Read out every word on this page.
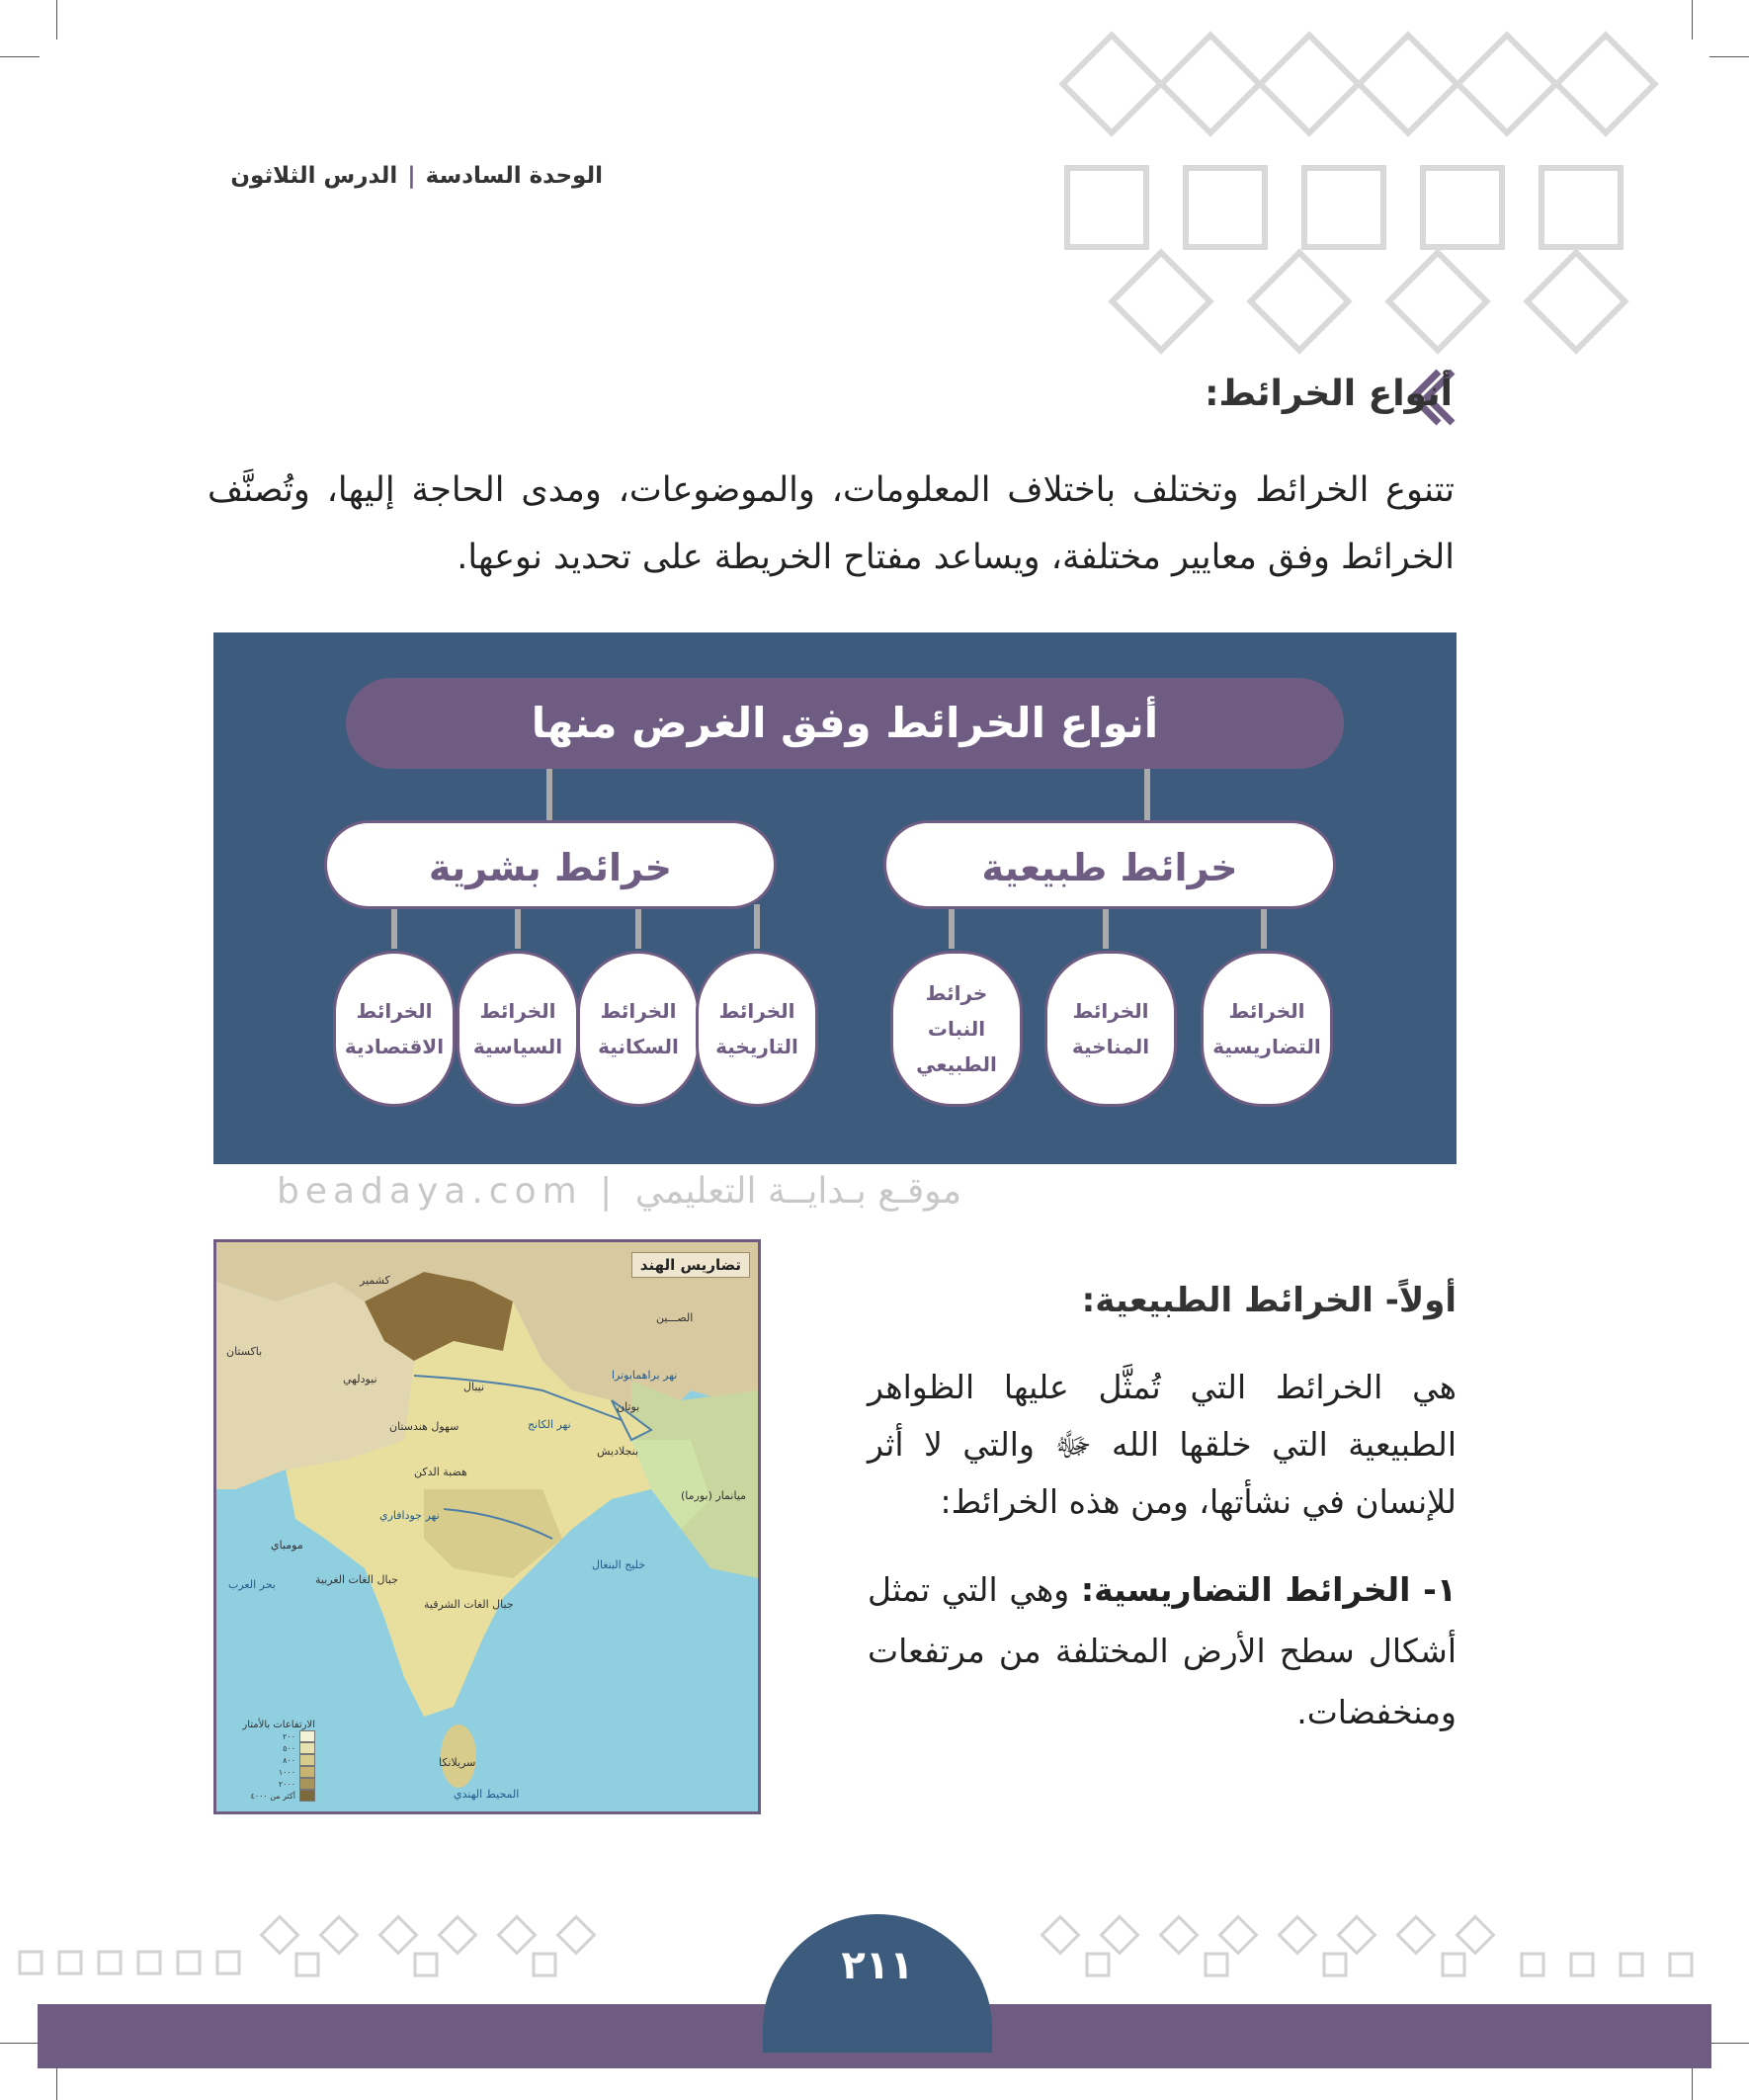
الوحدة السادسة|الدرس الثلاثون
أنواع الخرائط:
تتنوع الخرائط وتختلف باختلاف المعلومات، والموضوعات، ومدى الحاجة إليها، وتُصنَّف الخرائط وفق معايير مختلفة، ويساعد مفتاح الخريطة على تحديد نوعها.
أنواع الخرائط وفق الغرض منها
خرائط بشرية	خرائط طبيعية
الخرائط الاقتصادية
الخرائط السياسية
الخرائط السكانية
الخرائط التاريخية
خرائط النبات الطبيعي
الخرائط المناخية
الخرائط التضاريسية
beadaya.com | موقـع بـدايــة التعليمي
تضاريس الهند
كشمير
الصـــين
باكستان
نيودلهي
نيبال
نهر براهمابوترا
بوتان
سهول هندستان	نهر الكانج
بنجلاديش
هضبة الدكن
ميانمار (بورما)
نهر جودافاري
مومباي
جبال الغات الغربية
جبال الغات الشرقية
خليج البنغال
بحر العرب
سريلانكا
المحيط الهندي
الارتفاعات بالأمتار
٢٠٠
٥٠٠
٨٠٠
١٠٠٠
٢٠٠٠
أكثر من ٤٠٠٠
أولاً- الخرائط الطبيعية:
هي الخرائط التي تُمثَّل عليها الظواهر الطبيعية التي خلقها الله ﷻ والتي لا أثر للإنسان في نشأتها، ومن هذه الخرائط:
١- الخرائط التضاريسية: وهي التي تمثل أشكال سطح الأرض المختلفة من مرتفعات ومنخفضات.
٢١١
